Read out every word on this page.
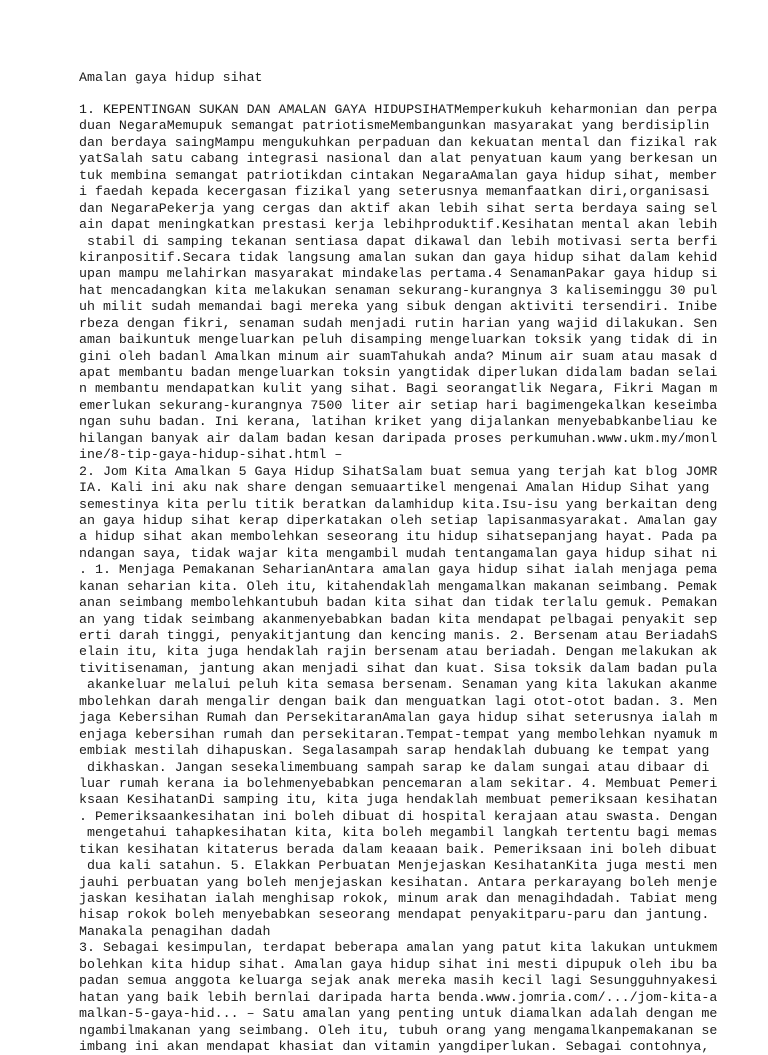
Amalan gaya hidup sihat
1. KEPENTINGAN SUKAN DAN AMALAN GAYA HIDUPSIHATMemperkukuh keharmonian dan perpa
duan NegaraMemupuk semangat patriotismeMembangunkan masyarakat yang berdisiplin
dan berdaya saingMampu mengukuhkan perpaduan dan kekuatan mental dan fizikal rak
yatSalah satu cabang integrasi nasional dan alat penyatuan kaum yang berkesan un
tuk membina semangat patriotikdan cintakan NegaraAmalan gaya hidup sihat, member
i faedah kepada kecergasan fizikal yang seterusnya memanfaatkan diri,organisasi
dan NegaraPekerja yang cergas dan aktif akan lebih sihat serta berdaya saing sel
ain dapat meningkatkan prestasi kerja lebihproduktif.Kesihatan mental akan lebih
stabil di samping tekanan sentiasa dapat dikawal dan lebih motivasi serta berfi
kiranpositif.Secara tidak langsung amalan sukan dan gaya hidup sihat dalam kehid
upan mampu melahirkan masyarakat mindakelas pertama.4 SenamanPakar gaya hidup si
hat mencadangkan kita melakukan senaman sekurang-kurangnya 3 kaliseminggu 30 pul
uh milit sudah memandai bagi mereka yang sibuk dengan aktiviti tersendiri. Inibe
rbeza dengan fikri, senaman sudah menjadi rutin harian yang wajid dilakukan. Sen
aman baikuntuk mengeluarkan peluh disamping mengeluarkan toksik yang tidak di in
gini oleh badanl Amalkan minum air suamTahukah anda? Minum air suam atau masak d
apat membantu badan mengeluarkan toksin yangtidak diperlukan didalam badan selai
n membantu mendapatkan kulit yang sihat. Bagi seorangatlik Negara, Fikri Magan m
emerlukan sekurang-kurangnya 7500 liter air setiap hari bagimengekalkan keseimba
ngan suhu badan. Ini kerana, latihan kriket yang dijalankan menyebabkanbeliau ke
hilangan banyak air dalam badan kesan daripada proses perkumuhan.www.ukm.my/monl
ine/8-tip-gaya-hidup-sihat.html –
2. Jom Kita Amalkan 5 Gaya Hidup SihatSalam buat semua yang terjah kat blog JOMR
IA. Kali ini aku nak share dengan semuaartikel mengenai Amalan Hidup Sihat yang
semestinya kita perlu titik beratkan dalamhidup kita.Isu-isu yang berkaitan deng
an gaya hidup sihat kerap diperkatakan oleh setiap lapisanmasyarakat. Amalan gay
a hidup sihat akan membolehkan seseorang itu hidup sihatsepanjang hayat. Pada pa
ndangan saya, tidak wajar kita mengambil mudah tentangamalan gaya hidup sihat ni
. 1. Menjaga Pemakanan SeharianAntara amalan gaya hidup sihat ialah menjaga pema
kanan seharian kita. Oleh itu, kitahendaklah mengamalkan makanan seimbang. Pemak
anan seimbang membolehkantubuh badan kita sihat dan tidak terlalu gemuk. Pemakan
an yang tidak seimbang akanmenyebabkan badan kita mendapat pelbagai penyakit sep
erti darah tinggi, penyakitjantung dan kencing manis. 2. Bersenam atau BeriadahS
elain itu, kita juga hendaklah rajin bersenam atau beriadah. Dengan melakukan ak
tivitisenaman, jantung akan menjadi sihat dan kuat. Sisa toksik dalam badan pula
akankeluar melalui peluh kita semasa bersenam. Senaman yang kita lakukan akanme
mbolehkan darah mengalir dengan baik dan menguatkan lagi otot-otot badan. 3. Men
jaga Kebersihan Rumah dan PersekitaranAmalan gaya hidup sihat seterusnya ialah m
enjaga kebersihan rumah dan persekitaran.Tempat-tempat yang membolehkan nyamuk m
embiak mestilah dihapuskan. Segalasampah sarap hendaklah dubuang ke tempat yang
dikhaskan. Jangan sesekalimembuang sampah sarap ke dalam sungai atau dibaar di
luar rumah kerana ia bolehmenyebabkan pencemaran alam sekitar. 4. Membuat Pemeri
ksaan KesihatanDi samping itu, kita juga hendaklah membuat pemeriksaan kesihatan
. Pemeriksaankesihatan ini boleh dibuat di hospital kerajaan atau swasta. Dengan
mengetahui tahapkesihatan kita, kita boleh megambil langkah tertentu bagi memas
tikan kesihatan kitaterus berada dalam keaaan baik. Pemeriksaan ini boleh dibuat
dua kali satahun. 5. Elakkan Perbuatan Menjejaskan KesihatanKita juga mesti men
jauhi perbuatan yang boleh menjejaskan kesihatan. Antara perkarayang boleh menje
jaskan kesihatan ialah menghisap rokok, minum arak dan menagihdadah. Tabiat meng
hisap rokok boleh menyebabkan seseorang mendapat penyakitparu-paru dan jantung.
Manakala penagihan dadah
3. Sebagai kesimpulan, terdapat beberapa amalan yang patut kita lakukan untukmem
bolehkan kita hidup sihat. Amalan gaya hidup sihat ini mesti dipupuk oleh ibu ba
padan semua anggota keluarga sejak anak mereka masih kecil lagi Sesungguhnyakesi
hatan yang baik lebih bernlai daripada harta benda.www.jomria.com/.../jom-kita-a
malkan-5-gaya-hid... – Satu amalan yang penting untuk diamalkan adalah dengan me
ngambilmakanan yang seimbang. Oleh itu, tubuh orang yang mengamalkanpemakanan se
imbang ini akan mendapat khasiat dan vitamin yangdiperlukan. Sebagai contohnya,
